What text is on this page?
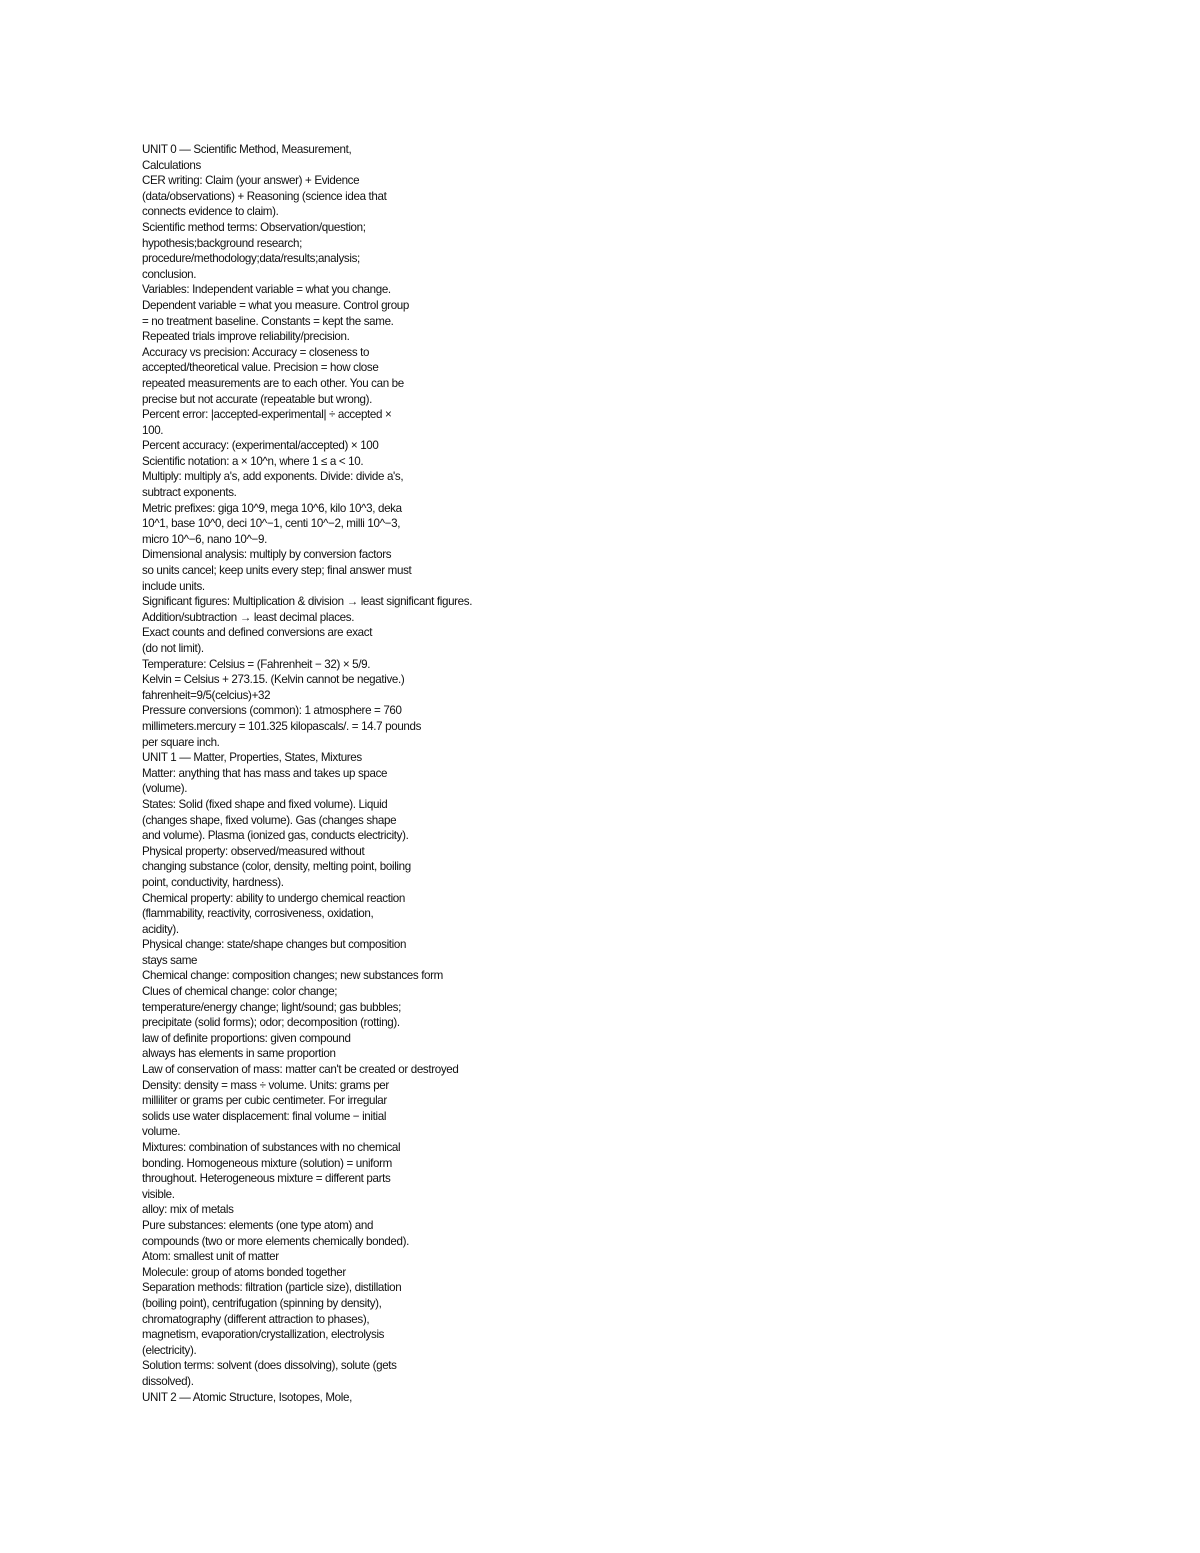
UNIT 0 — Scientific Method, Measurement,
Calculations
CER writing: Claim (your answer) + Evidence
(data/observations) + Reasoning (science idea that
connects evidence to claim).
Scientific method terms: Observation/question;
hypothesis;background research;
procedure/methodology;data/results;analysis;
conclusion.
Variables: Independent variable = what you change.
Dependent variable = what you measure. Control group
= no treatment baseline. Constants = kept the same.
Repeated trials improve reliability/precision.
Accuracy vs precision: Accuracy = closeness to
accepted/theoretical value. Precision = how close
repeated measurements are to each other. You can be
precise but not accurate (repeatable but wrong).
Percent error: |accepted-experimental| ÷ accepted ×
100.
Percent accuracy: (experimental/accepted) × 100
Scientific notation: a × 10^n, where 1 ≤ a < 10.
Multiply: multiply a's, add exponents. Divide: divide a's,
subtract exponents.
Metric prefixes: giga 10^9, mega 10^6, kilo 10^3, deka
10^1, base 10^0, deci 10^−1, centi 10^−2, milli 10^−3,
micro 10^−6, nano 10^−9.
Dimensional analysis: multiply by conversion factors
so units cancel; keep units every step; final answer must
include units.
Significant figures: Multiplication & division → least significant figures.
Addition/subtraction → least decimal places.
Exact counts and defined conversions are exact
(do not limit).
Temperature: Celsius = (Fahrenheit − 32) × 5/9.
Kelvin = Celsius + 273.15. (Kelvin cannot be negative.)
fahrenheit=9/5(celcius)+32
Pressure conversions (common): 1 atmosphere = 760
millimeters.mercury = 101.325 kilopascals/. = 14.7 pounds
per square inch.
UNIT 1 — Matter, Properties, States, Mixtures
Matter: anything that has mass and takes up space
(volume).
States: Solid (fixed shape and fixed volume). Liquid
(changes shape, fixed volume). Gas (changes shape
and volume). Plasma (ionized gas, conducts electricity).
Physical property: observed/measured without
changing substance (color, density, melting point, boiling
point, conductivity, hardness).
Chemical property: ability to undergo chemical reaction
(flammability, reactivity, corrosiveness, oxidation,
acidity).
Physical change: state/shape changes but composition
stays same
Chemical change: composition changes; new substances form
Clues of chemical change: color change;
temperature/energy change; light/sound; gas bubbles;
precipitate (solid forms); odor; decomposition (rotting).
law of definite proportions: given compound
always has elements in same proportion
Law of conservation of mass: matter can't be created or destroyed
Density: density = mass ÷ volume. Units: grams per
milliliter or grams per cubic centimeter. For irregular
solids use water displacement: final volume − initial
volume.
Mixtures: combination of substances with no chemical
bonding. Homogeneous mixture (solution) = uniform
throughout. Heterogeneous mixture = different parts
visible.
alloy: mix of metals
Pure substances: elements (one type atom) and
compounds (two or more elements chemically bonded).
Atom: smallest unit of matter
Molecule: group of atoms bonded together
Separation methods: filtration (particle size), distillation
(boiling point), centrifugation (spinning by density),
chromatography (different attraction to phases),
magnetism, evaporation/crystallization, electrolysis
(electricity).
Solution terms: solvent (does dissolving), solute (gets
dissolved).
UNIT 2 — Atomic Structure, Isotopes, Mole,
